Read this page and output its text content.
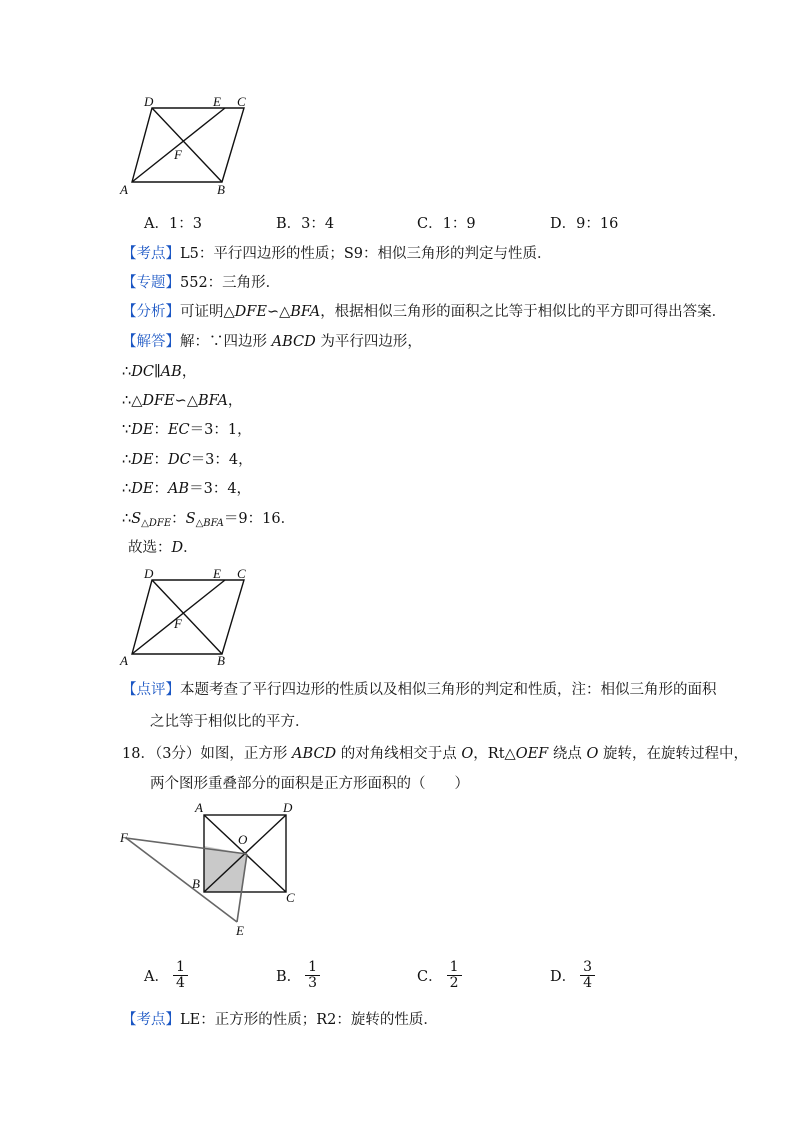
D	E C
F
A	B
A．1：3	B．3：4	C．1：9	D．9：16
【考点】L5：平行四边形的性质；S9：相似三角形的判定与性质．
【专题】552：三角形．
【分析】可证明△DFE∽△BFA，根据相似三角形的面积之比等于相似比的平方即可得出答案．
【解答】解：∵四边形 ABCD 为平行四边形，
∴DC∥AB，
∴△DFE∽△BFA，
∵DE：EC＝3：1，
∴DE：DC＝3：4，
∴DE：AB＝3：4，
$\therefore S_{\triangle DFE}$：$S_{\triangle BFA}=9$：16．
故选：D．
D	E C
F
A	B
【点评】本题考查了平行四边形的性质以及相似三角形的判定和性质，注：相似三角形的面积
之比等于相似比的平方．
18．（3分）如图，正方形 ABCD 的对角线相交于点 O，Rt△OEF 绕点 O 旋转，在旋转过程中，
两个图形重叠部分的面积是正方形面积的（　　）
A	D
O
F
B
C
E
A． $\frac{1}{4}$	B． $\frac{1}{3}$	C． $\frac{1}{2}$	D． $\frac{3}{4}$
【考点】LE：正方形的性质；R2：旋转的性质．
